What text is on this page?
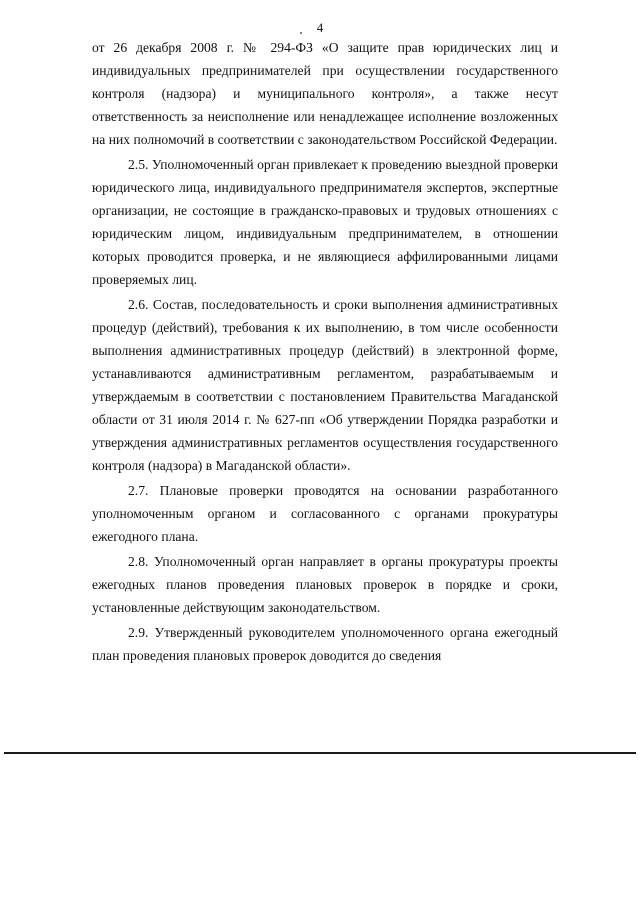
4

от 26 декабря 2008 г. № 294-ФЗ «О защите прав юридических лиц и индивидуальных предпринимателей при осуществлении государственного контроля (надзора) и муниципального контроля», а также несут ответственность за неисполнение или ненадлежащее исполнение возложенных на них полномочий в соответствии с законодательством Российской Федерации.

2.5. Уполномоченный орган привлекает к проведению выездной проверки юридического лица, индивидуального предпринимателя экспертов, экспертные организации, не состоящие в гражданско-правовых и трудовых отношениях с юридическим лицом, индивидуальным предпринимателем, в отношении которых проводится проверка, и не являющиеся аффилированными лицами проверяемых лиц.

2.6. Состав, последовательность и сроки выполнения административных процедур (действий), требования к их выполнению, в том числе особенности выполнения административных процедур (действий) в электронной форме, устанавливаются административным регламентом, разрабатываемым и утверждаемым в соответствии с постановлением Правительства Магаданской области от 31 июля 2014 г. № 627-пп «Об утверждении Порядка разработки и утверждения административных регламентов осуществления государственного контроля (надзора) в Магаданской области».

2.7. Плановые проверки проводятся на основании разработанного уполномоченным органом и согласованного с органами прокуратуры ежегодного плана.

2.8. Уполномоченный орган направляет в органы прокуратуры проекты ежегодных планов проведения плановых проверок в порядке и сроки, установленные действующим законодательством.

2.9. Утвержденный руководителем уполномоченного органа ежегодный план проведения плановых проверок доводится до сведения
